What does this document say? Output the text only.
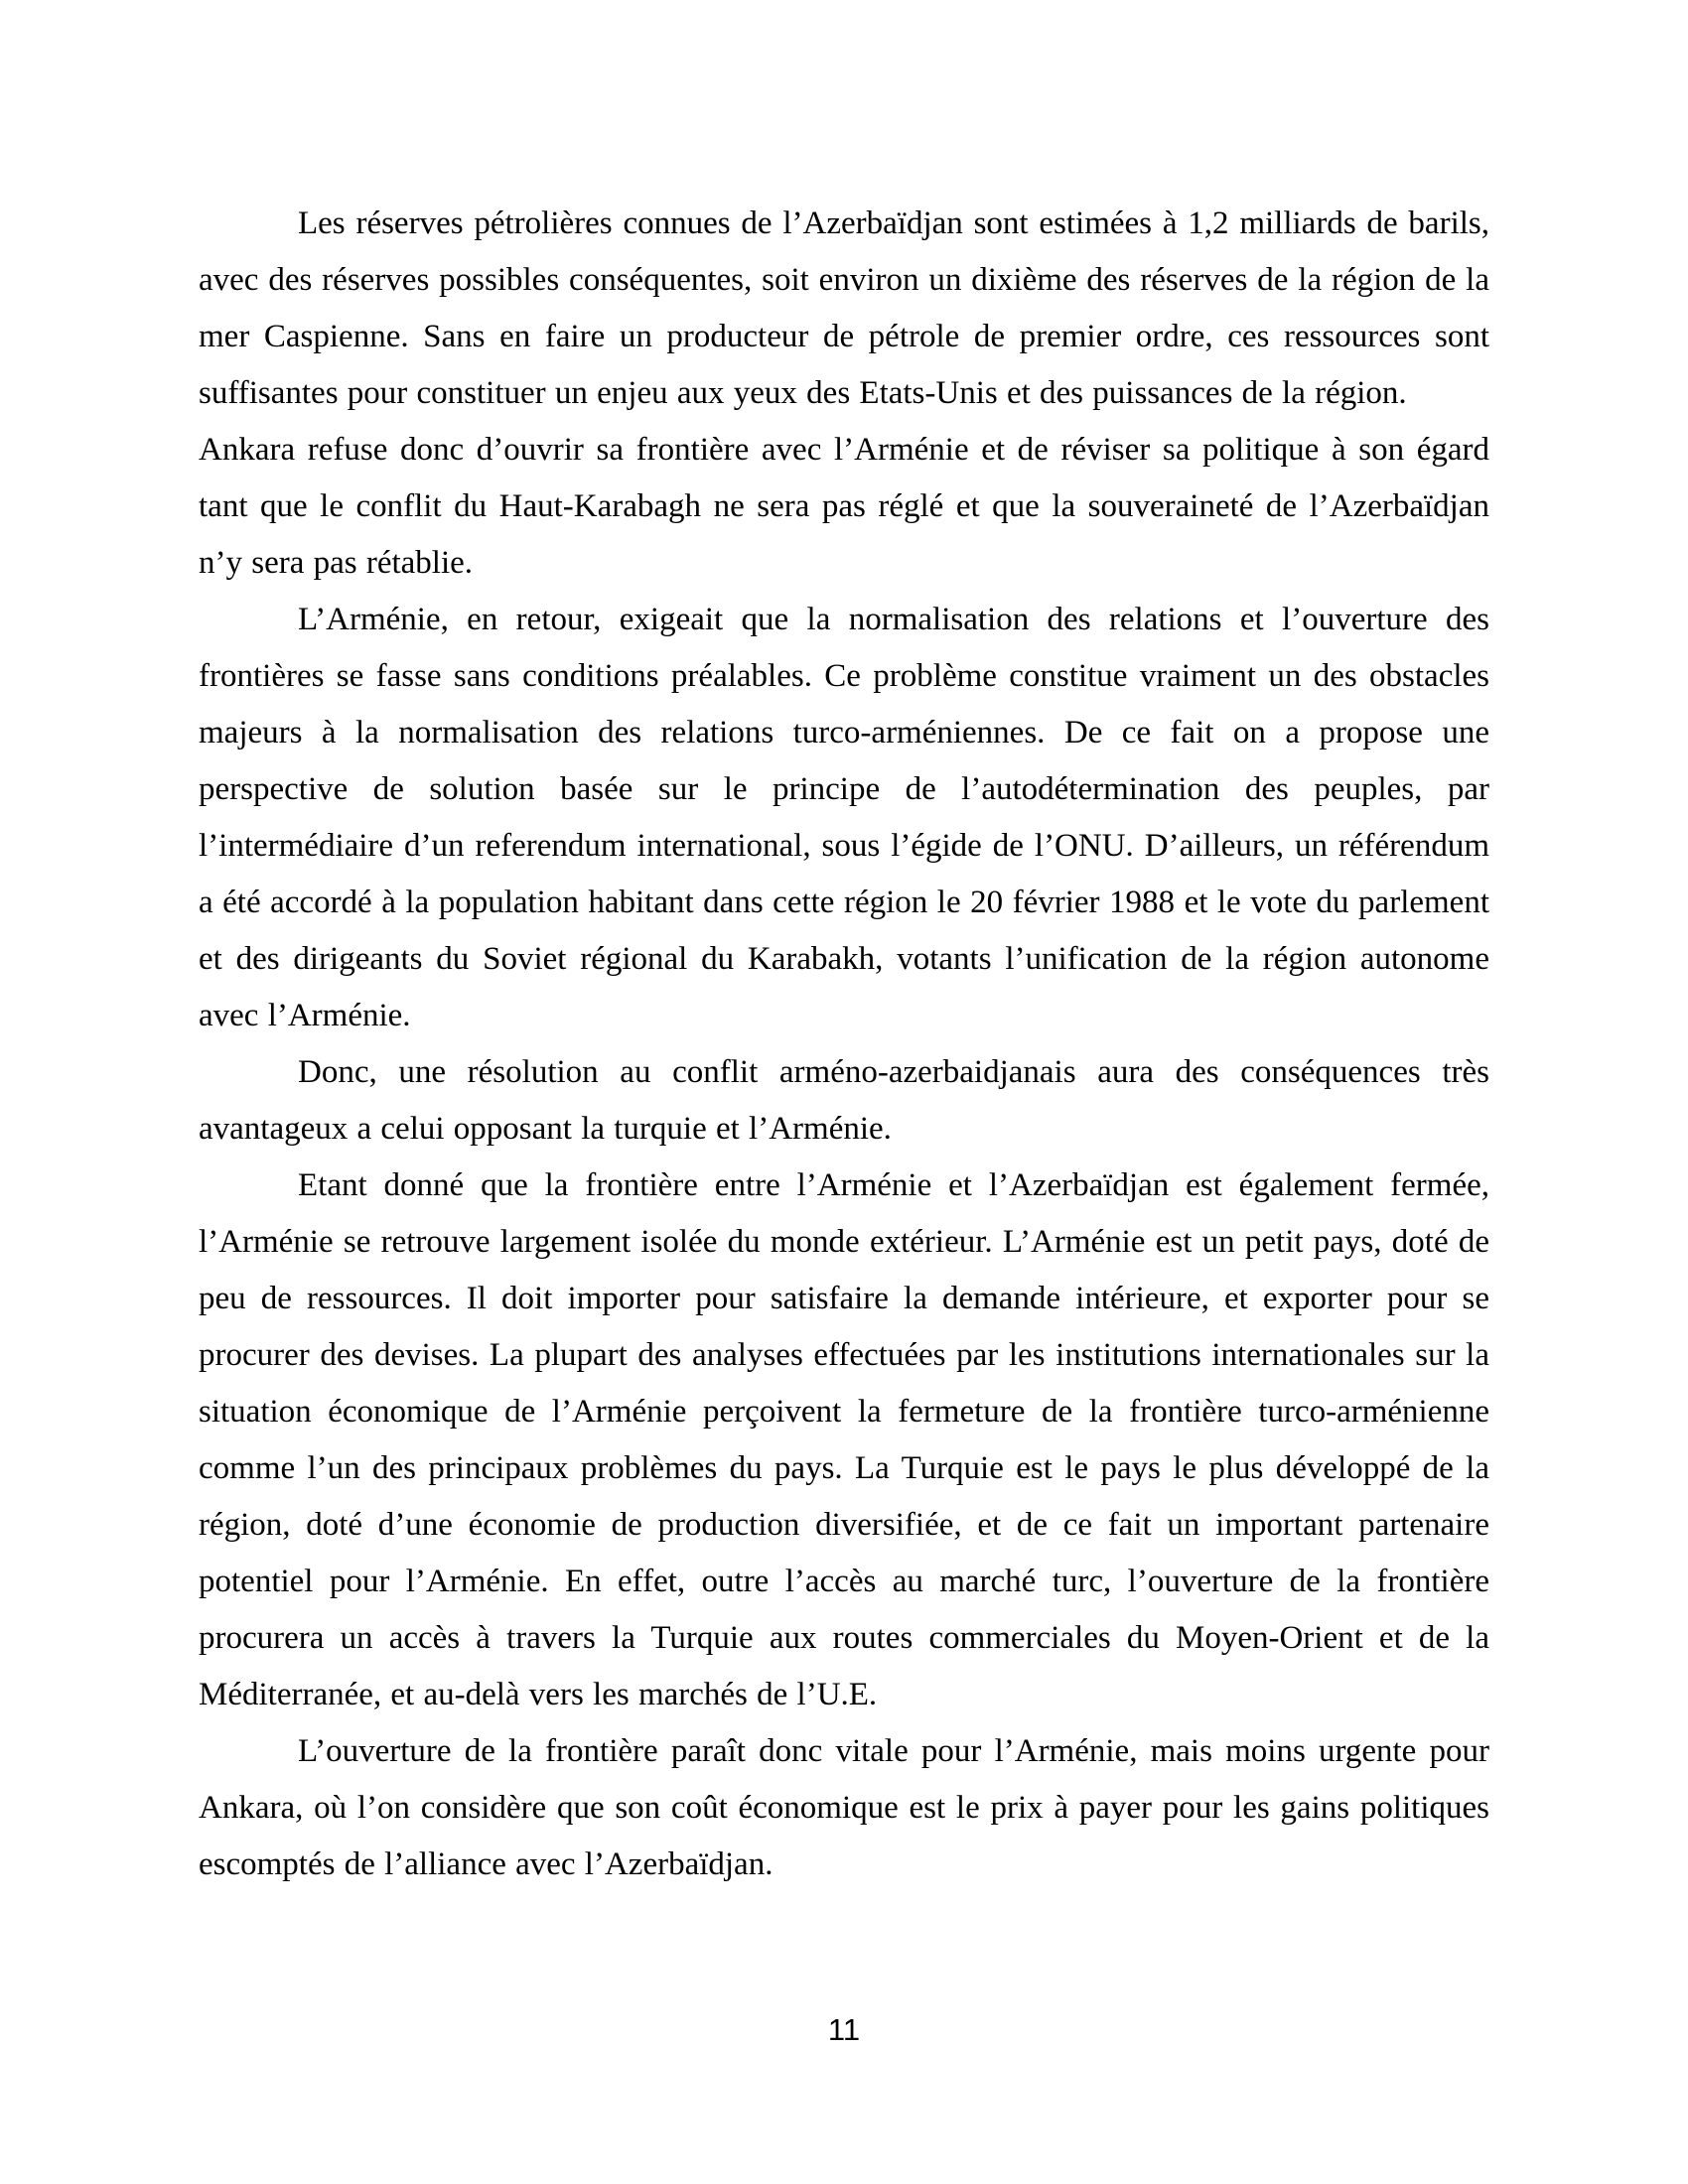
Les réserves pétrolières connues de l’Azerbaïdjan sont estimées à 1,2 milliards de barils, avec des réserves possibles conséquentes, soit environ un dixième des réserves de la région de la mer Caspienne. Sans en faire un producteur de pétrole de premier ordre, ces ressources sont suffisantes pour constituer un enjeu aux yeux des Etats-Unis et des puissances de la région.

Ankara refuse donc d’ouvrir sa frontière avec l’Arménie et de réviser sa politique à son égard tant que le conflit du Haut-Karabagh ne sera pas réglé et que la souveraineté de l’Azerbaïdjan n’y sera pas rétablie.

L’Arménie, en retour, exigeait que la normalisation des relations et l’ouverture des frontières se fasse sans conditions préalables. Ce problème constitue vraiment un des obstacles majeurs à la normalisation des relations turco-arméniennes. De ce fait on a propose une perspective de solution basée sur le principe de l’autodétermination des peuples, par l’intermédiaire d’un referendum international, sous l’égide de l’ONU. D’ailleurs, un référendum a été accordé à la population habitant dans cette région le 20 février 1988 et le vote du parlement et des dirigeants du Soviet régional du Karabakh, votants l’unification de la région autonome avec l’Arménie.

Donc, une résolution au conflit arméno-azerbaidjanais aura des conséquences très avantageux a celui opposant la turquie et l’Arménie.

Etant donné que la frontière entre l’Arménie et l’Azerbaïdjan est également fermée, l’Arménie se retrouve largement isolée du monde extérieur. L’Arménie est un petit pays, doté de peu de ressources. Il doit importer pour satisfaire la demande intérieure, et exporter pour se procurer des devises. La plupart des analyses effectuées par les institutions internationales sur la situation économique de l’Arménie perçoivent la fermeture de la frontière turco-arménienne comme l’un des principaux problèmes du pays. La Turquie est le pays le plus développé de la région, doté d’une économie de production diversifiée, et de ce fait un important partenaire potentiel pour l’Arménie. En effet, outre l’accès au marché turc, l’ouverture de la frontière procurera un accès à travers la Turquie aux routes commerciales du Moyen-Orient et de la Méditerranée, et au-delà vers les marchés de l’U.E.

L’ouverture de la frontière paraît donc vitale pour l’Arménie, mais moins urgente pour Ankara, où l’on considère que son coût économique est le prix à payer pour les gains politiques escomptés de l’alliance avec l’Azerbaïdjan.

11
